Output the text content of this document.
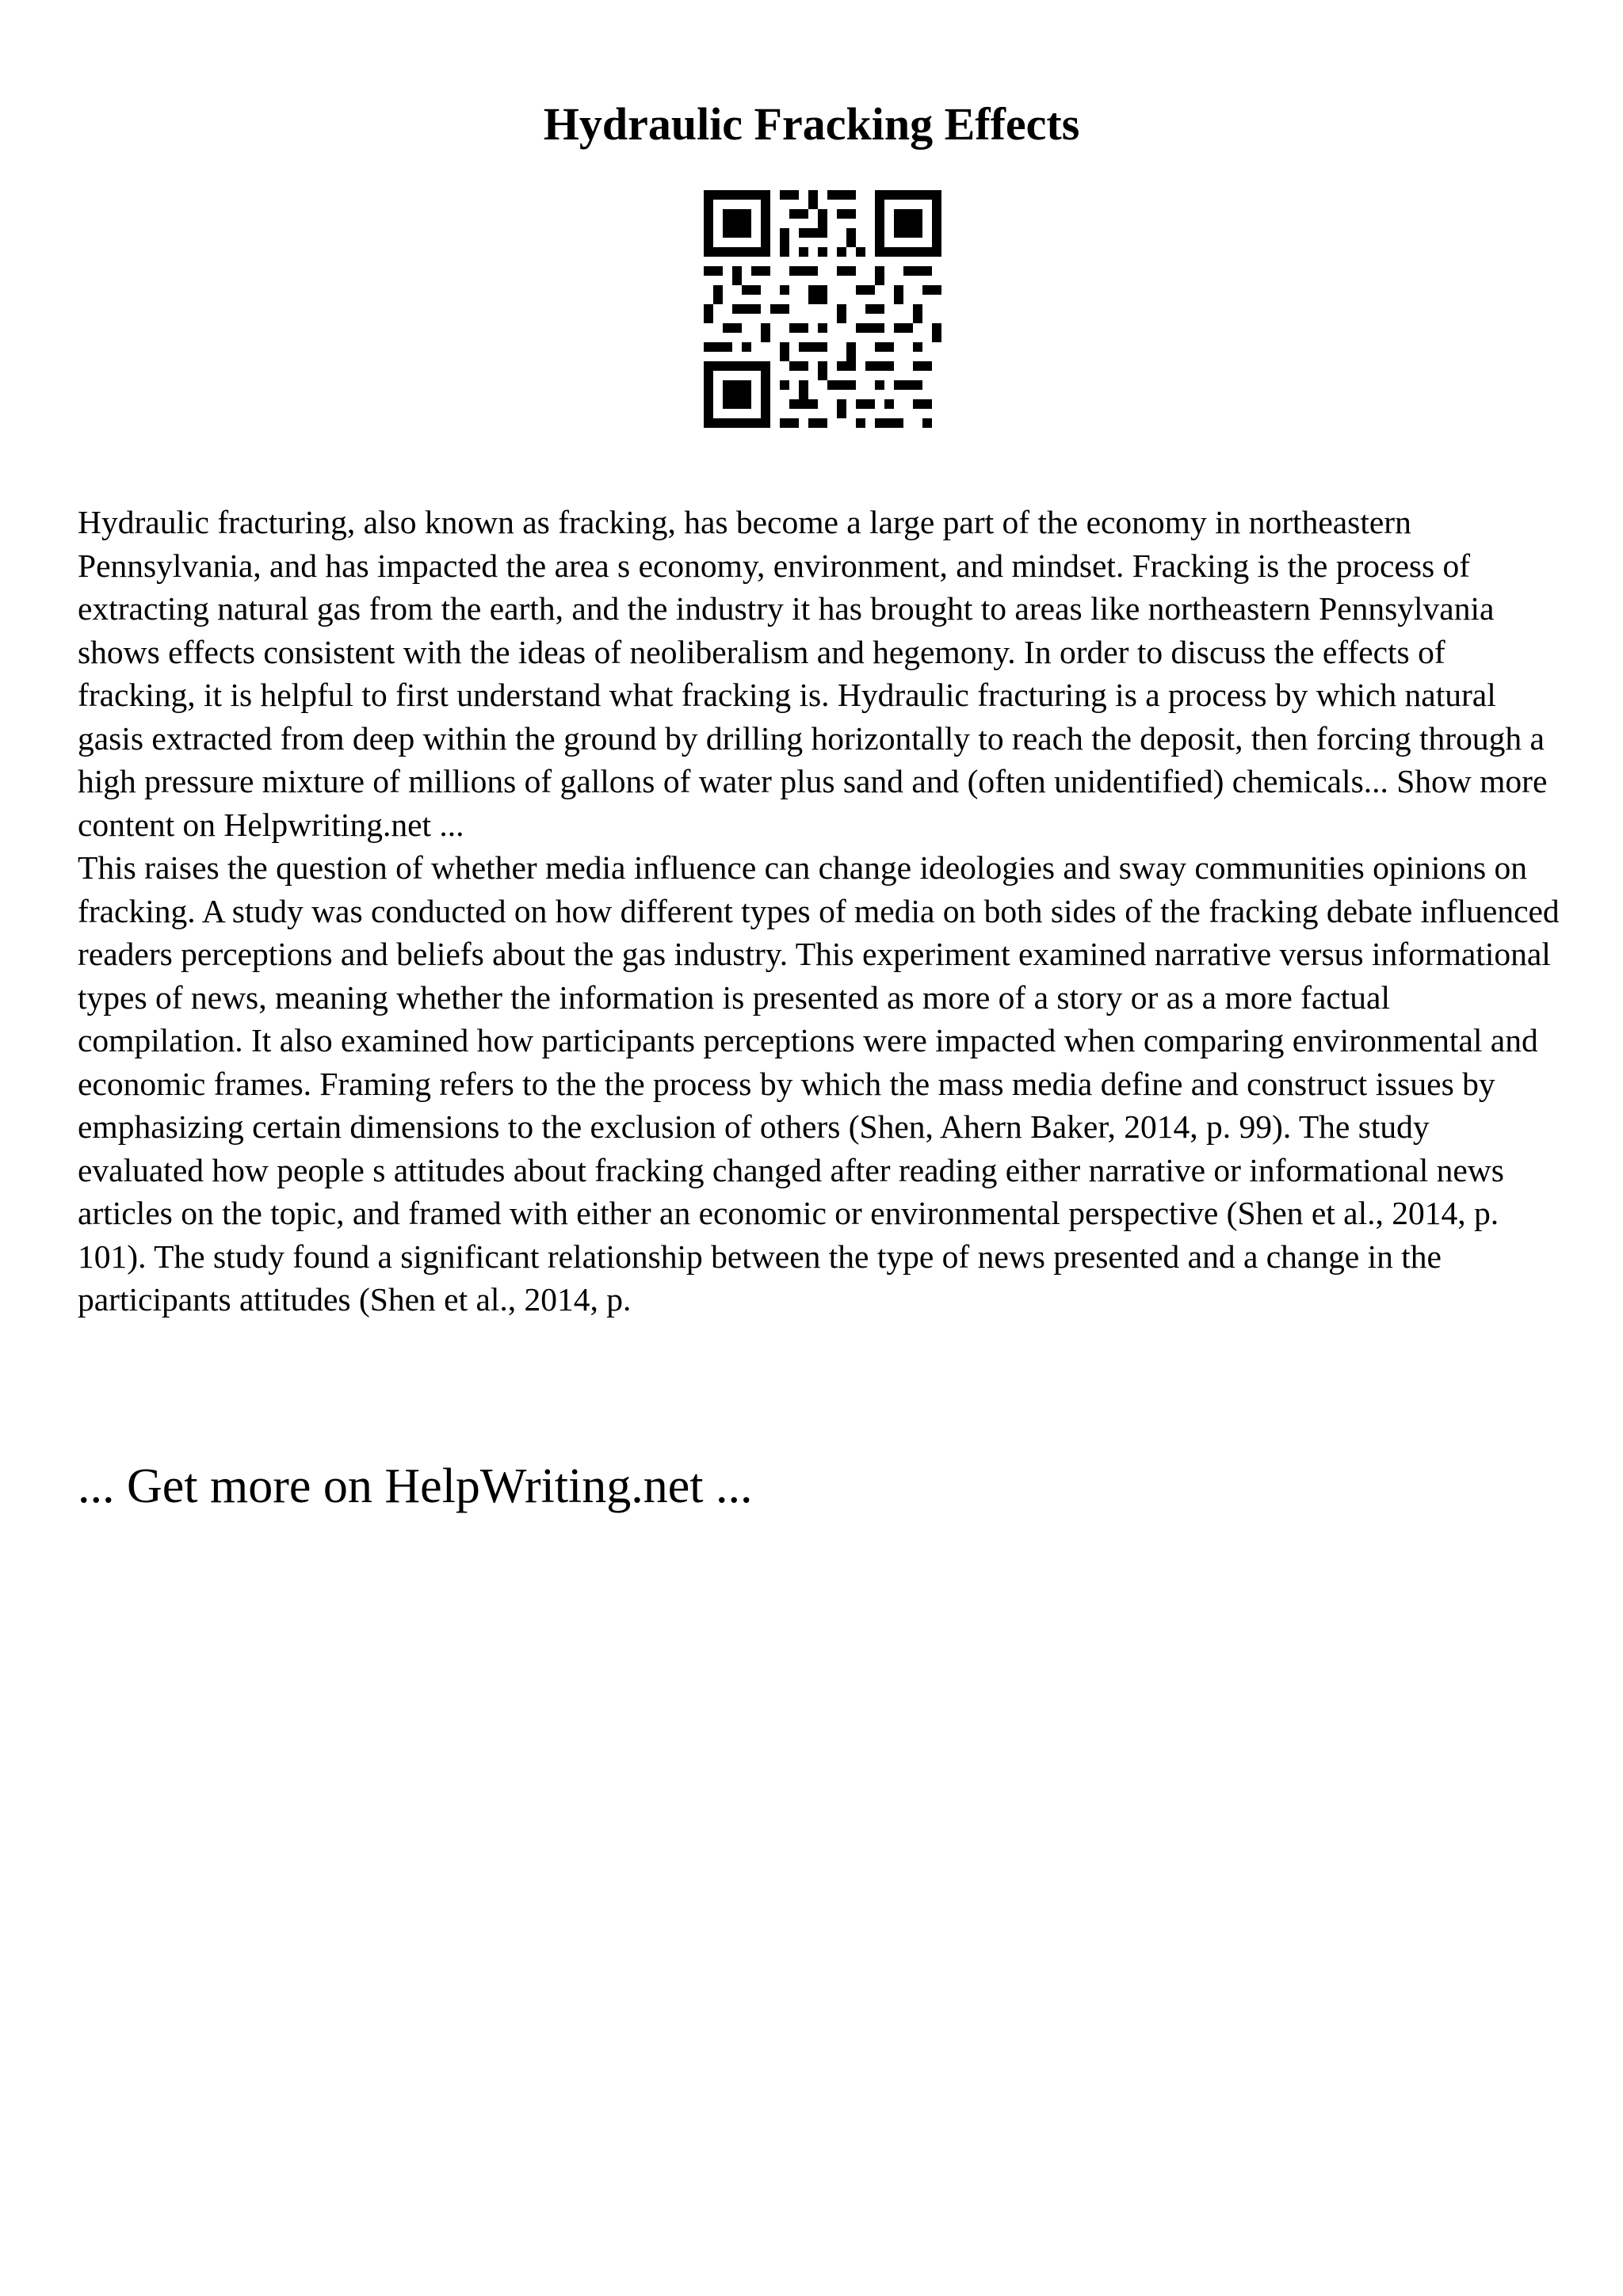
Hydraulic Fracking Effects

Hydraulic fracturing, also known as fracking, has become a large part of the economy in northeastern Pennsylvania, and has impacted the area s economy, environment, and mindset. Fracking is the process of extracting natural gas from the earth, and the industry it has brought to areas like northeastern Pennsylvania shows effects consistent with the ideas of neoliberalism and hegemony. In order to discuss the effects of fracking, it is helpful to first understand what fracking is. Hydraulic fracturing is a process by which natural gasis extracted from deep within the ground by drilling horizontally to reach the deposit, then forcing through a high pressure mixture of millions of gallons of water plus sand and (often unidentified) chemicals... Show more content on Helpwriting.net ...

This raises the question of whether media influence can change ideologies and sway communities opinions on fracking. A study was conducted on how different types of media on both sides of the fracking debate influenced readers perceptions and beliefs about the gas industry. This experiment examined narrative versus informational types of news, meaning whether the information is presented as more of a story or as a more factual compilation. It also examined how participants perceptions were impacted when comparing environmental and economic frames. Framing refers to the the process by which the mass media define and construct issues by emphasizing certain dimensions to the exclusion of others (Shen, Ahern Baker, 2014, p. 99). The study evaluated how people s attitudes about fracking changed after reading either narrative or informational news articles on the topic, and framed with either an economic or environmental perspective (Shen et al., 2014, p. 101). The study found a significant relationship between the type of news presented and a change in the participants attitudes (Shen et al., 2014, p.

... Get more on HelpWriting.net ...
